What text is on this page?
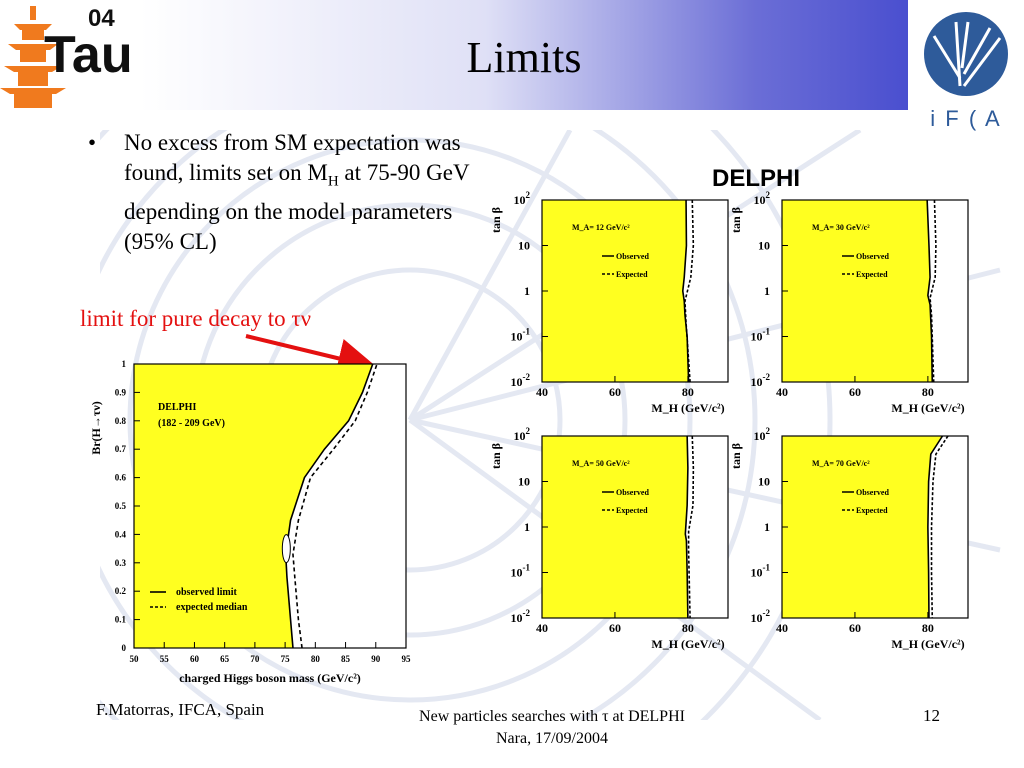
Limits
Tau
04
i F ( A
• No excess from SM expectation was found, limits set on $M_H$ at 75-90 GeV depending on the model parameters (95% CL)
limit for pure decay to τν
50 55 60 65 70 75 80 85 90 95
0
0.1
0.2
0.3
0.4
0.5
0.6
0.7
0.8
0.9
1
DELPHI
(182 - 209 GeV)
observed limit
expected median
charged Higgs boson mass (GeV/c²)
Br(H→τν)
DELPHI
M_A= 12 GeV/c²
Observed
Expected
40	60	80
$10^{-2}$
$10^{-1}$
1
10
$10^2$
M_H (GeV/c²)
tan β	M_A= 30 GeV/c²
Observed
Expected
40	60	80
$10^{-2}$
$10^{-1}$
1
10
$10^2$
M_H (GeV/c²)
tan β
M_A= 50 GeV/c²
Observed
Expected
40	60	80
$10^{-2}$
$10^{-1}$
1
10
$10^2$
M_H (GeV/c²)
tan β	M_A= 70 GeV/c²
Observed
Expected
40	60	80
$10^{-2}$
$10^{-1}$
1
10
$10^2$
M_H (GeV/c²)
tan β
F.Matorras, IFCA, Spain	New particles searches with τ at DELPHI
Nara, 17/09/2004
12
